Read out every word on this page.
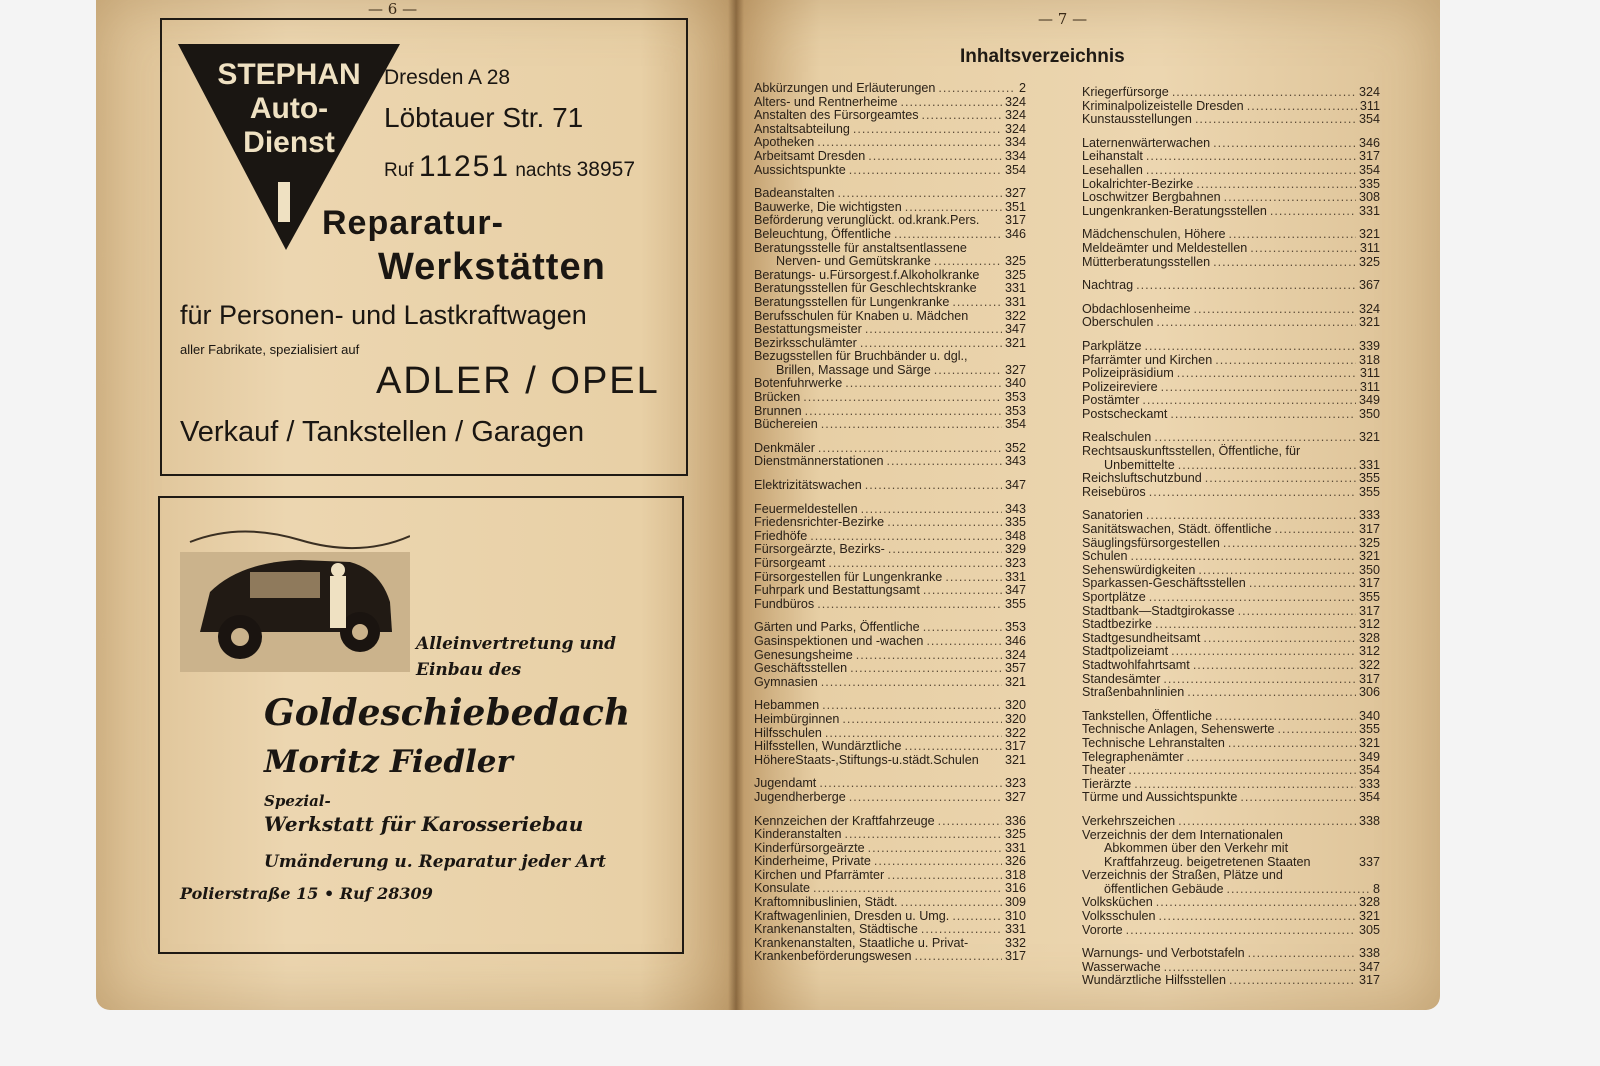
— 6 —
STEPHAN
Auto-
Dienst
Dresden A 28
Löbtauer Str. 71
Ruf 11251 nachts 38957
Reparatur-
Werkstätten
für Personen- und Lastkraftwagen
aller Fabrikate, spezialisiert auf
ADLER / OPEL
Verkauf / Tankstellen / Garagen
Alleinvertretung und
Einbau des
Goldeschiebedach
Moritz Fiedler
Spezial-
Werkstatt für Karosseriebau
Umänderung u. Reparatur jeder Art
Polierstraße 15 • Ruf 28309
— 7 —
Inhaltsverzeichnis
Abkürzungen und Erläuterungen .....	2
Alters- und Rentnerheime .....	324
Anstalten des Fürsorgeamtes .....	324
Anstaltsabteilung .....	324
Apotheken .....	334
Arbeitsamt Dresden .....	334
Aussichtspunkte .....	354
Badeanstalten .....	327
Bauwerke, Die wichtigsten .....	351
Beförderung verunglückt. od.krank.Pers. 317
Beleuchtung, Öffentliche .....	346
Beratungsstelle für anstaltsentlassene
Nerven- und Gemütskranke .....	325
Beratungs- u.Fürsorgest.f.Alkoholkranke 325
Beratungsstellen für Geschlechtskranke 331
Beratungsstellen für Lungenkranke .....	331
Berufsschulen für Knaben u. Mädchen	322
Bestattungsmeister .....	347
Bezirksschulämter .....	321
Bezugsstellen für Bruchbänder u. dgl.,
Brillen, Massage und Särge .....	327
Botenfuhrwerke .....	340
Brücken .....	353
Brunnen .....	353
Büchereien .....	354
Denkmäler .....	352
Dienstmännerstationen .....	343
Elektrizitätswachen .....	347
Feuermeldestellen .....	343
Friedensrichter-Bezirke .....	335
Friedhöfe .....	348
Fürsorgeärzte, Bezirks- .....	329
Fürsorgeamt .....	323
Fürsorgestellen für Lungenkranke .....	331
Fuhrpark und Bestattungsamt .....	347
Fundbüros .....	355
Gärten und Parks, Öffentliche .....	353
Gasinspektionen und -wachen .....	346
Genesungsheime .....	324
Geschäftsstellen .....	357
Gymnasien .....	321
Hebammen .....	320
Heimbürginnen .....	320
Hilfsschulen .....	322
Hilfsstellen, Wundärztliche .....	317
HöhereStaats-,Stiftungs-u.städt.Schulen 321
Jugendamt .....	323
Jugendherberge .....	327
Kennzeichen der Kraftfahrzeuge .....	336
Kinderanstalten .....	325
Kinderfürsorgeärzte .....	331
Kinderheime, Private .....	326
Kirchen und Pfarrämter .....	318
Konsulate .....	316
Kraftomnibuslinien, Städt. .....	309
Kraftwagenlinien, Dresden u. Umg. .....	310
Krankenanstalten, Städtische .....	331
Krankenanstalten, Staatliche u. Privat-	332
Krankenbeförderungswesen .....	317
Kriegerfürsorge .....	324
Kriminalpolizeistelle Dresden .....	311
Kunstausstellungen .....	354
Laternenwärterwachen .....	346
Leihanstalt .....	317
Lesehallen .....	354
Lokalrichter-Bezirke .....	335
Loschwitzer Bergbahnen .....	308
Lungenkranken-Beratungsstellen .....	331
Mädchenschulen, Höhere .....	321
Meldeämter und Meldestellen .....	311
Mütterberatungsstellen .....	325
Nachtrag .....	367
Obdachlosenheime .....	324
Oberschulen .....	321
Parkplätze .....	339
Pfarrämter und Kirchen .....	318
Polizeipräsidium .....	311
Polizeireviere .....	311
Postämter .....	349
Postscheckamt .....	350
Realschulen .....	321
Rechtsauskunftsstellen, Öffentliche, für
Unbemittelte .....	331
Reichsluftschutzbund .....	355
Reisebüros .....	355
Sanatorien .....	333
Sanitätswachen, Städt. öffentliche .....	317
Säuglingsfürsorgestellen .....	325
Schulen .....	321
Sehenswürdigkeiten .....	350
Sparkassen-Geschäftsstellen .....	317
Sportplätze .....	355
Stadtbank—Stadtgirokasse .....	317
Stadtbezirke .....	312
Stadtgesundheitsamt .....	328
Stadtpolizeiamt .....	312
Stadtwohlfahrtsamt .....	322
Standesämter .....	317
Straßenbahnlinien .....	306
Tankstellen, Öffentliche .....	340
Technische Anlagen, Sehenswerte .....	355
Technische Lehranstalten .....	321
Telegraphenämter .....	349
Theater .....	354
Tierärzte .....	333
Türme und Aussichtspunkte .....	354
Verkehrszeichen .....	338
Verzeichnis der dem Internationalen
Abkommen über den Verkehr mit
Kraftfahrzeug. beigetretenen Staaten	337
Verzeichnis der Straßen, Plätze und
öffentlichen Gebäude .....	8
Volksküchen .....	328
Volksschulen .....	321
Vororte .....	305
Warnungs- und Verbotstafeln .....	338
Wasserwache .....	347
Wundärztliche Hilfsstellen .....	317
